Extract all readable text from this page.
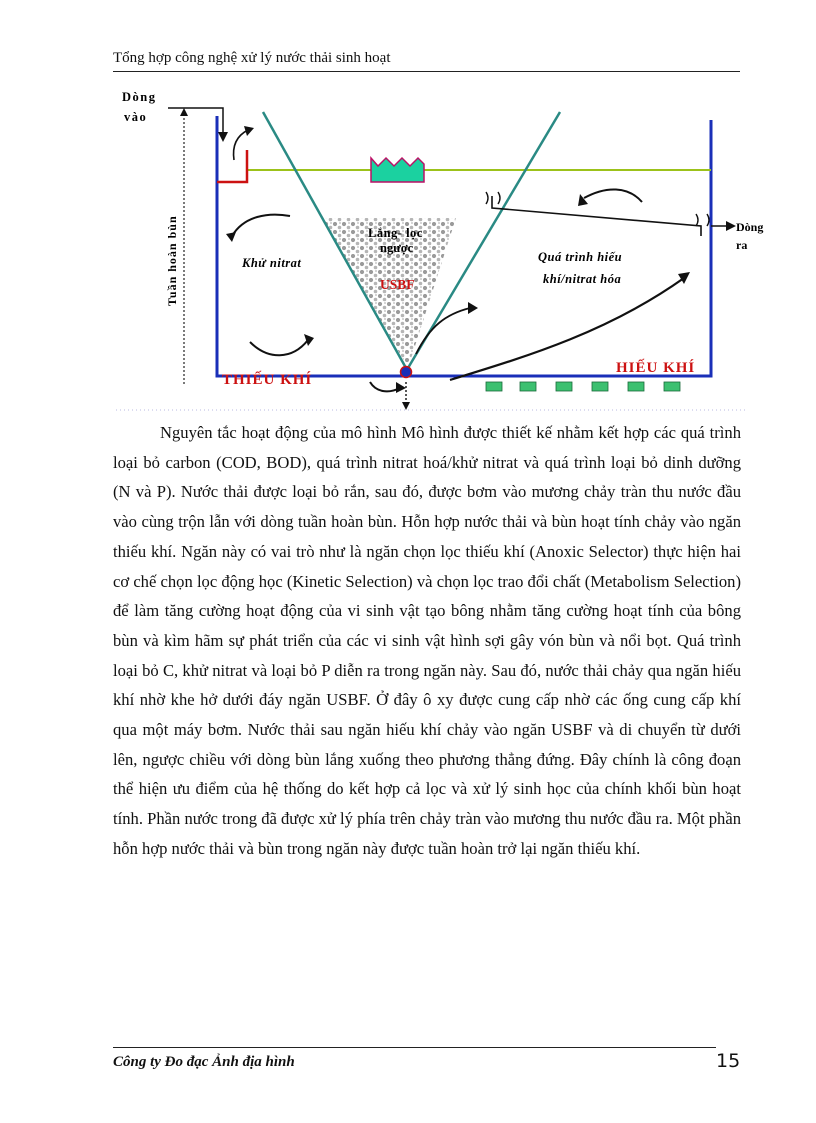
Tổng hợp công nghệ xử lý nước thải sinh hoạt
Dòng
vào
Tuần hoàn bùn	Dòng
ra
Lắng- lọc
ngược
USBF
Khử nitrat	Quá trình hiếu
khí/nitrat hóa
THIẾU KHÍ
HIẾU KHÍ

Nguyên tắc hoạt động của mô hình Mô hình được thiết kế nhằm kết hợp các quá trình loại bỏ carbon (COD, BOD), quá trình nitrat hoá/khử nitrat và quá trình loại bỏ dinh dưỡng (N và P). Nước thải được loại bỏ rắn, sau đó, được bơm vào mương chảy tràn thu nước đầu vào cùng trộn lẫn với dòng tuần hoàn bùn. Hỗn hợp nước thải và bùn hoạt tính chảy vào ngăn thiếu khí. Ngăn này có vai trò như là ngăn chọn lọc thiếu khí (Anoxic Selector) thực hiện hai cơ chế chọn lọc động học (Kinetic Selection) và chọn lọc trao đổi chất (Metabolism Selection) để làm tăng cường hoạt động của vi sinh vật tạo bông nhằm tăng cường hoạt tính của bông bùn và kìm hãm sự phát triển của các vi sinh vật hình sợi gây vón bùn và nổi bọt. Quá trình loại bỏ C, khử nitrat và loại bỏ P diễn ra trong ngăn này. Sau đó, nước thải chảy qua ngăn hiếu khí nhờ khe hở dưới đáy ngăn USBF. Ở đây ô xy được cung cấp nhờ các ống cung cấp khí qua một máy bơm. Nước thải sau ngăn hiếu khí chảy vào ngăn USBF và di chuyển từ dưới lên, ngược chiều với dòng bùn lắng xuống theo phương thẳng đứng. Đây chính là công đoạn thể hiện ưu điểm của hệ thống do kết hợp cả lọc và xử lý sinh học của chính khối bùn hoạt tính. Phần nước trong đã được xử lý phía trên chảy tràn vào mương thu nước đầu ra. Một phần hỗn hợp nước thải và bùn trong ngăn này được tuần hoàn trở lại ngăn thiếu khí.

Công ty Đo đạc Ảnh địa hình	15
